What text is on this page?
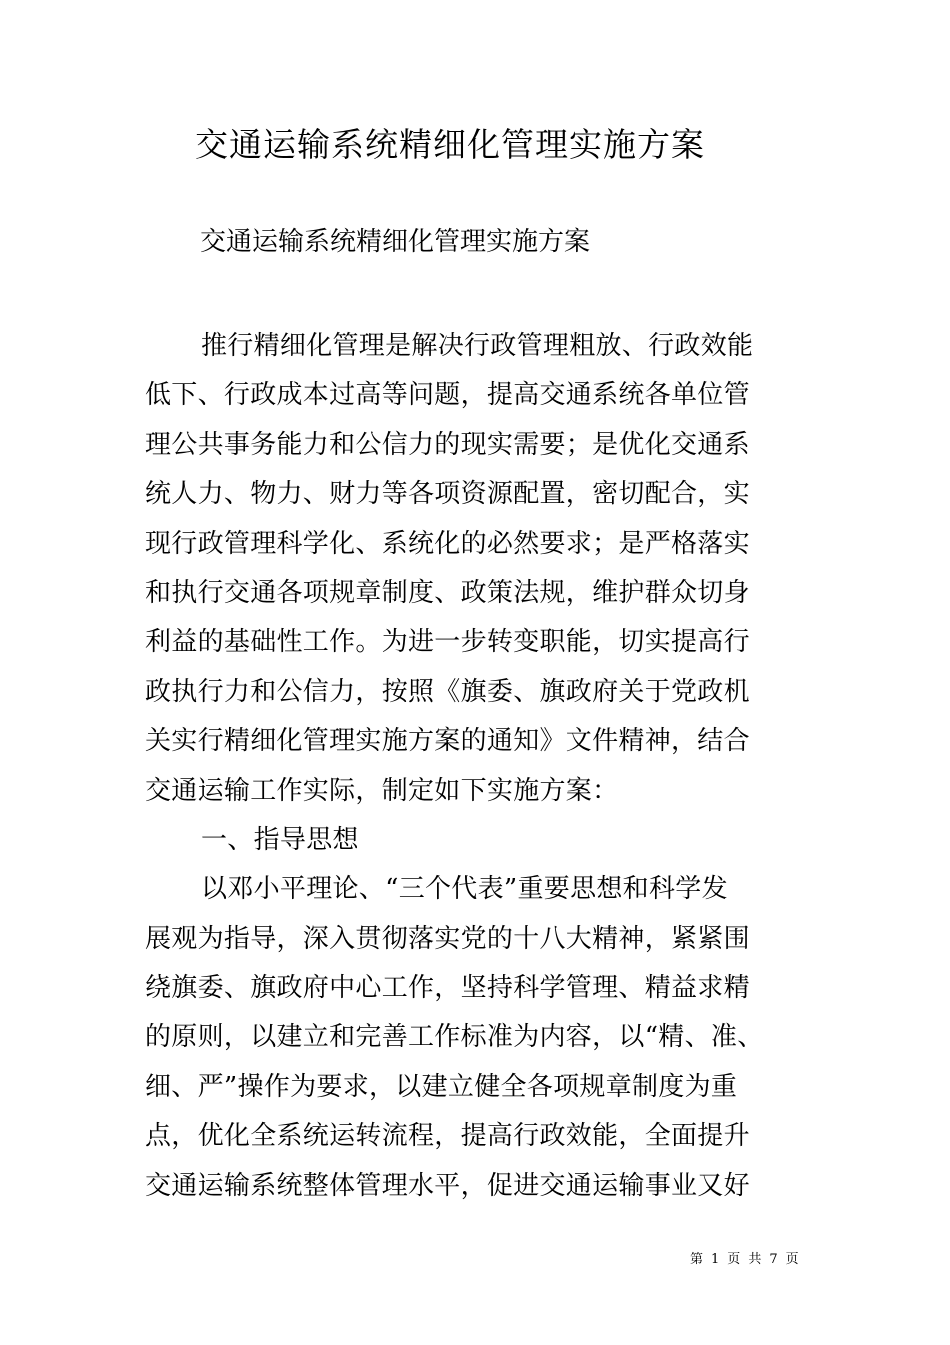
交通运输系统精细化管理实施方案

交通运输系统精细化管理实施方案

推行精细化管理是解决行政管理粗放、行政效能
低下、行政成本过高等问题，提高交通系统各单位管
理公共事务能力和公信力的现实需要；是优化交通系
统人力、物力、财力等各项资源配置，密切配合，实
现行政管理科学化、系统化的必然要求；是严格落实
和执行交通各项规章制度、政策法规，维护群众切身
利益的基础性工作。为进一步转变职能，切实提高行
政执行力和公信力，按照《旗委、旗政府关于党政机
关实行精细化管理实施方案的通知》文件精神，结合
交通运输工作实际，制定如下实施方案：
一、指导思想
以邓小平理论、“三个代表”重要思想和科学发
展观为指导，深入贯彻落实党的十八大精神，紧紧围
绕旗委、旗政府中心工作，坚持科学管理、精益求精
的原则，以建立和完善工作标准为内容，以“精、准、
细、严”操作为要求，以建立健全各项规章制度为重
点，优化全系统运转流程，提高行政效能，全面提升
交通运输系统整体管理水平，促进交通运输事业又好
第 1 页 共 7 页
